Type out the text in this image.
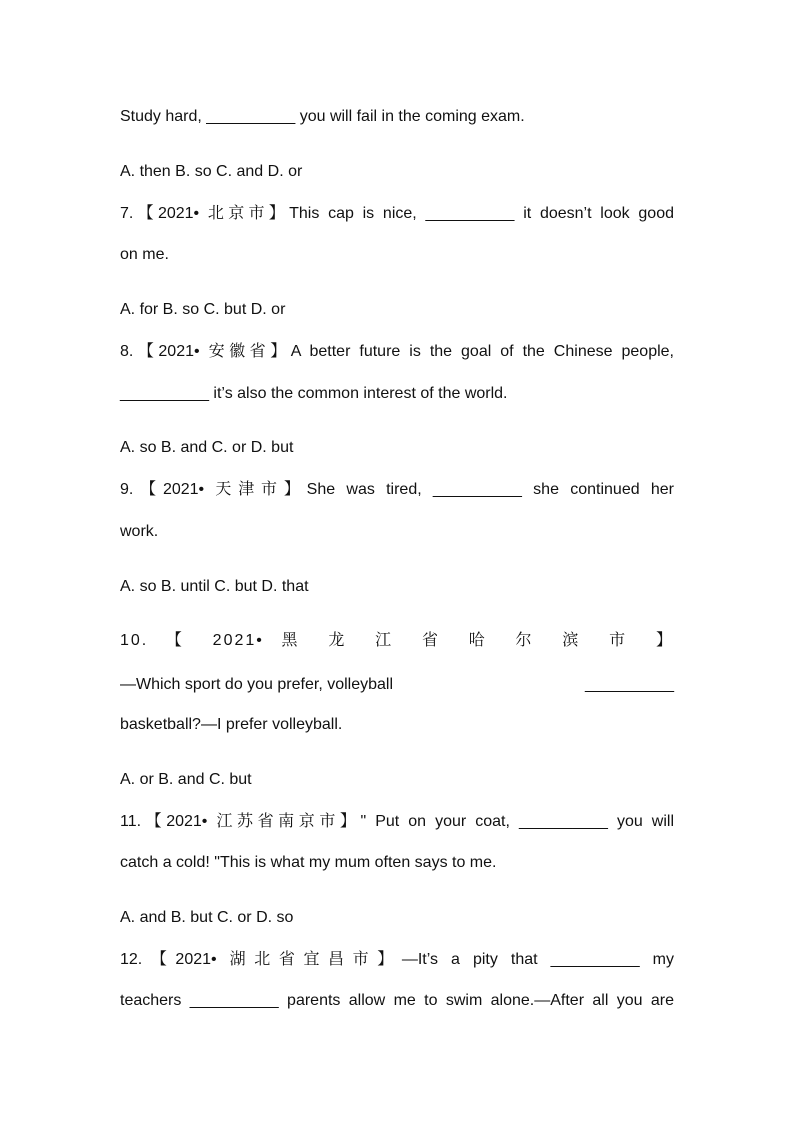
Study hard, __________ you will fail in the coming exam.
A. then B. so C. and D. or
7.【2021• 北京市】This cap is nice, __________ it doesn’t look good
on me.
A. for B. so C. but D. or
8.【2021• 安徽省】A better future is the goal of the Chinese people,
__________ it’s also the common interest of the world.
A. so B. and C. or D. but
9.【2021• 天津市】She was tired, __________ she continued her
work.
A. so B. until C. but D. that
10. 【 2021• 黑 龙 江 省 哈 尔 滨 市 】
—Which sport do you prefer, volleyball	__________
basketball?—I prefer volleyball.
A. or B. and C. but
11.【2021• 江苏省南京市】" Put on your coat, __________ you will
catch a cold! "This is what my mum often says to me.
A. and B. but C. or D. so
12.【2021• 湖北省宜昌市】—It’s a pity that __________ my
teachers __________ parents allow me to swim alone.—After all you are
